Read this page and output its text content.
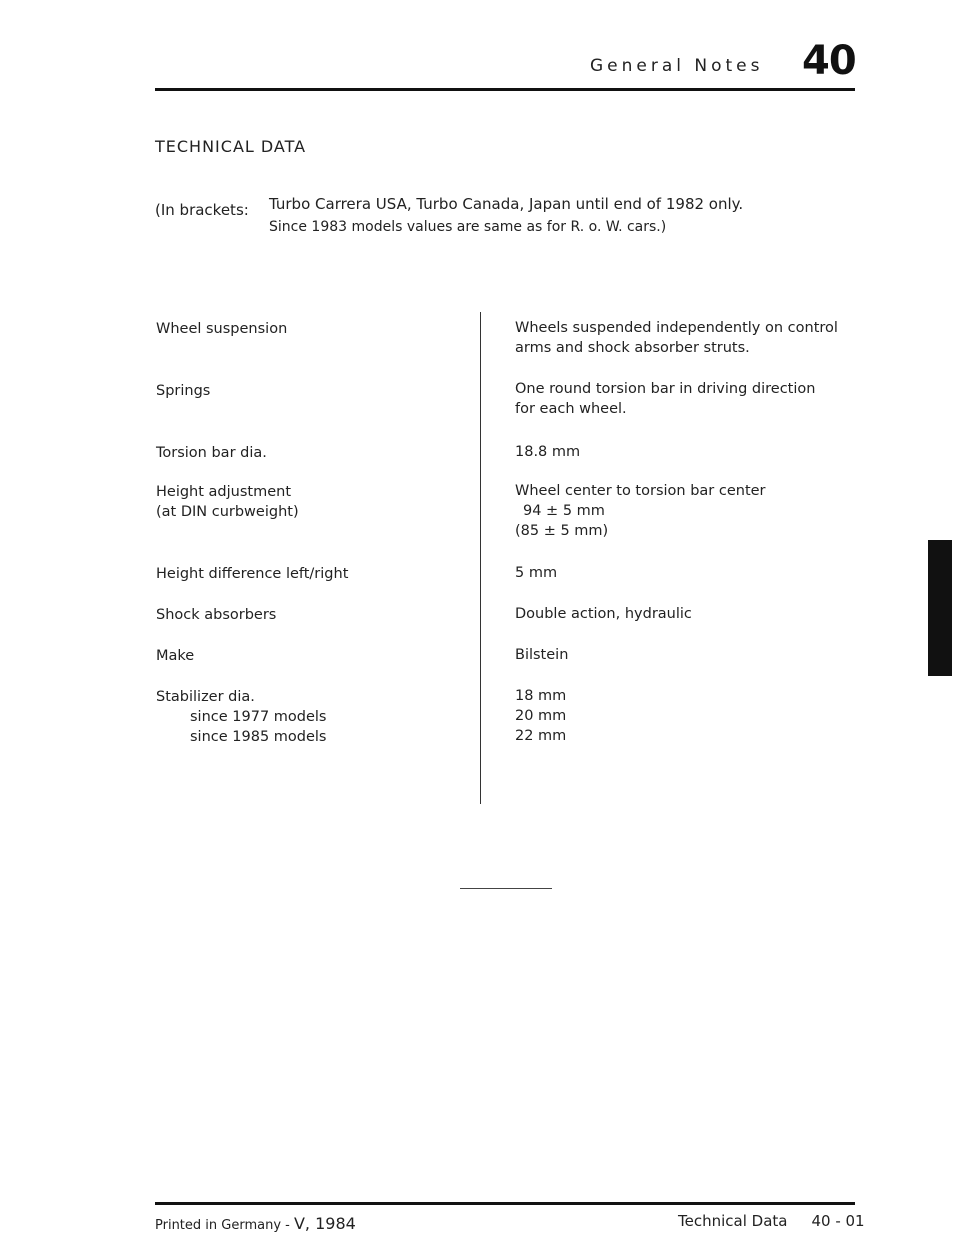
General Notes 40
TECHNICAL DATA
(In brackets: Turbo Carrera USA, Turbo Canada, Japan until end of 1982 only.
Since 1983 models values are same as for R. o. W. cars.)
Wheel suspension
Springs
Torsion bar dia.
Height adjustment
(at DIN curbweight)
Height difference left/right
Shock absorbers
Make
Stabilizer dia.
since 1977 models
since 1985 models
Wheels suspended independently on control
arms and shock absorber struts.
One round torsion bar in driving direction
for each wheel.
18.8 mm
Wheel center to torsion bar center
94 ± 5 mm
(85 ± 5 mm)
5 mm
Double action, hydraulic
Bilstein
18 mm
20 mm
22 mm
Printed in Germany - V, 1984	Technical Data 40 - 01
